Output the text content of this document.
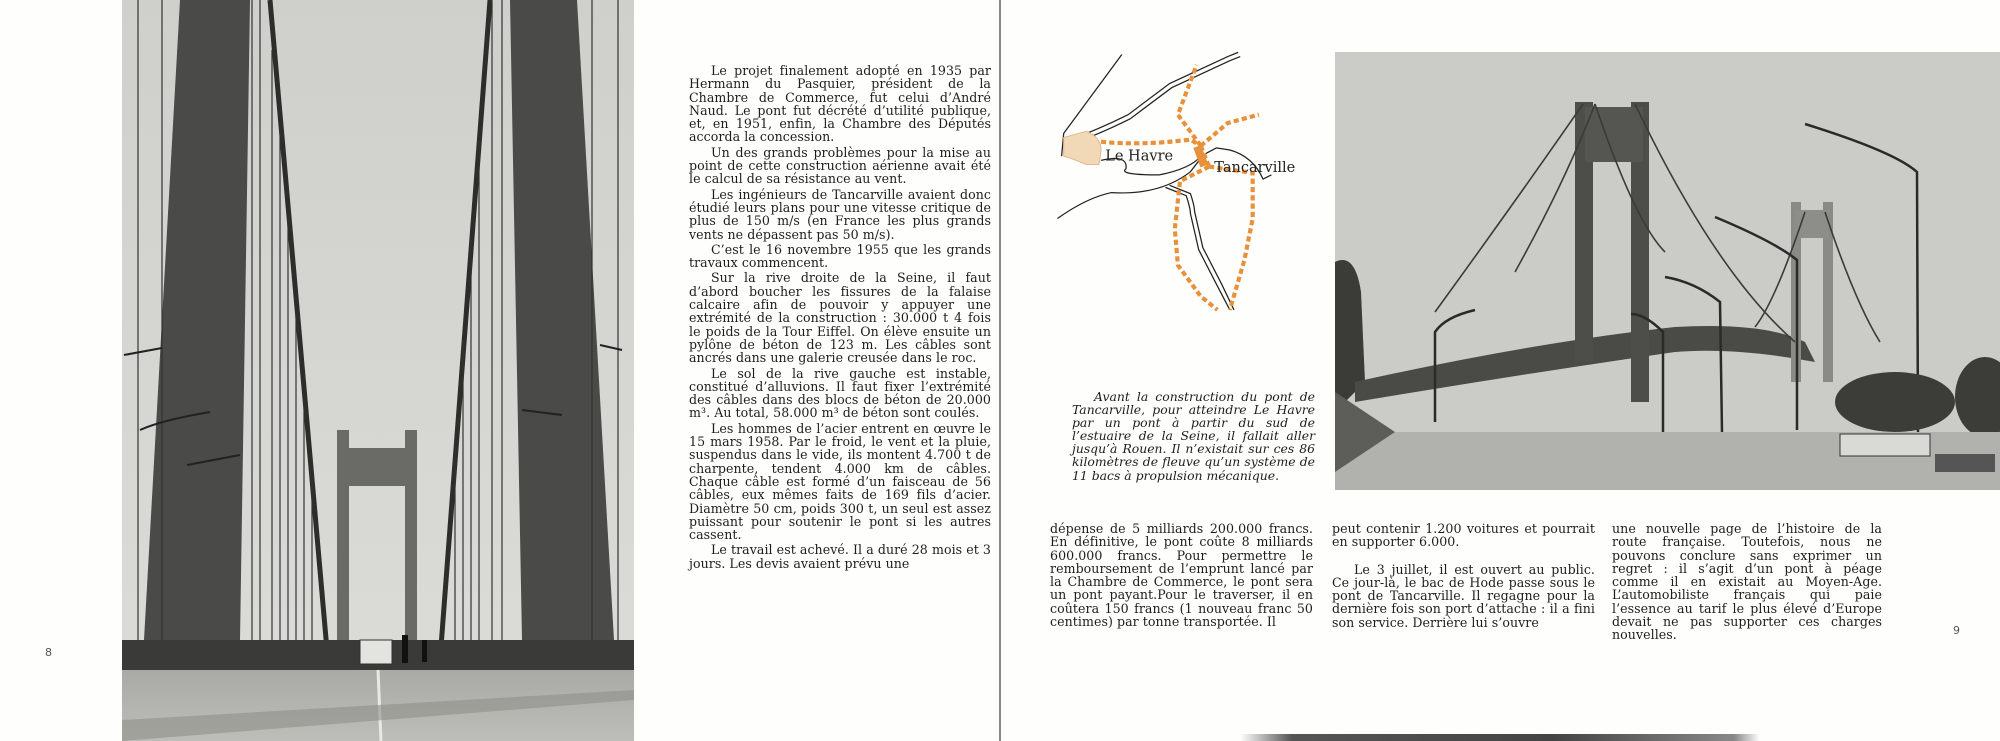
Le projet finalement adopté en 1935 par Hermann du Pasquier, président de la Chambre de Commerce, fut celui d’André Naud. Le pont fut décrété d’utilité publique, et, en 1951, enfin, la Chambre des Députés accorda la concession.

Un des grands problèmes pour la mise au point de cette construction aérienne avait été le calcul de sa résistance au vent.

Les ingénieurs de Tancarville avaient donc étudié leurs plans pour une vitesse critique de plus de 150 m/s (en France les plus grands vents ne dépassent pas 50 m/s).

C’est le 16 novembre 1955 que les grands travaux commencent.

Sur la rive droite de la Seine, il faut d’abord boucher les fissures de la falaise calcaire afin de pouvoir y appuyer une extrémité de la construction : 30.000 t 4 fois le poids de la Tour Eiffel. On élève ensuite un pylône de béton de 123 m. Les câbles sont ancrés dans une galerie creusée dans le roc.

Le sol de la rive gauche est instable, constitué d’alluvions. Il faut fixer l’extrémité des câbles dans des blocs de béton de 20.000 m³. Au total, 58.000 m³ de béton sont coulés.

Les hommes de l’acier entrent en œuvre le 15 mars 1958. Par le froid, le vent et la pluie, suspendus dans le vide, ils montent 4.700 t de charpente, tendent 4.000 km de câbles. Chaque câble est formé d’un faisceau de 56 câbles, eux mêmes faits de 169 fils d’acier. Diamètre 50 cm, poids 300 t, un seul est assez puissant pour soutenir le pont si les autres cassent.

Le travail est achevé. Il a duré 28 mois et 3 jours. Les devis avaient prévu une

8
Le Havre
Tancarville

Avant la construction du pont de Tancarville, pour atteindre Le Havre par un pont à partir du sud de l’estuaire de la Seine, il fallait aller jusqu’à Rouen. Il n’existait sur ces 86 kilomètres de fleuve qu’un système de 11 bacs à propulsion mécanique.

dépense de 5 milliards 200.000 francs. En définitive, le pont coûte 8 milliards 600.000 francs. Pour permettre le remboursement de l’emprunt lancé par la Chambre de Commerce, le pont sera un pont payant.Pour le traverser, il en coûtera 150 francs (1 nouveau franc 50 centimes) par tonne transportée. Il

peut contenir 1.200 voitures et pourrait en supporter 6.000.

Le 3 juillet, il est ouvert au public. Ce jour-là, le bac de Hode passe sous le pont de Tancarville. Il regagne pour la dernière fois son port d’attache : il a fini son service. Derrière lui s’ouvre

une nouvelle page de l’histoire de la route française. Toutefois, nous ne pouvons conclure sans exprimer un regret : il s’agit d’un pont à péage comme il en existait au Moyen-Age. L’automobiliste français qui paie l’essence au tarif le plus élevé d’Europe devait ne pas supporter ces charges nouvelles.	9
